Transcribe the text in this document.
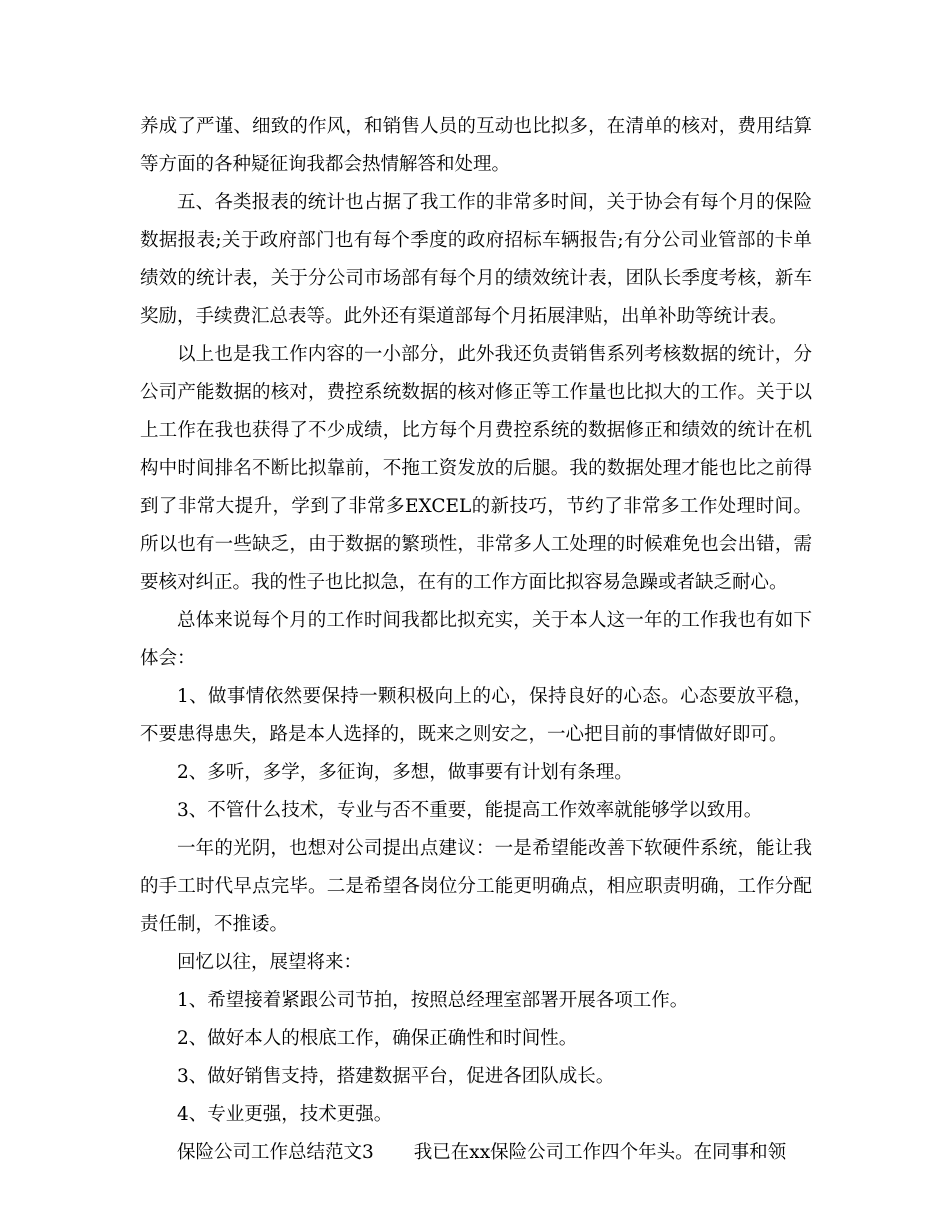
养成了严谨、细致的作风，和销售人员的互动也比拟多，在清单的核对，费用结算等方面的各种疑征询我都会热情解答和处理。

五、各类报表的统计也占据了我工作的非常多时间，关于协会有每个月的保险数据报表;关于政府部门也有每个季度的政府招标车辆报告;有分公司业管部的卡单绩效的统计表，关于分公司市场部有每个月的绩效统计表，团队长季度考核，新车奖励，手续费汇总表等。此外还有渠道部每个月拓展津贴，出单补助等统计表。

以上也是我工作内容的一小部分，此外我还负责销售系列考核数据的统计，分公司产能数据的核对，费控系统数据的核对修正等工作量也比拟大的工作。关于以上工作在我也获得了不少成绩，比方每个月费控系统的数据修正和绩效的统计在机构中时间排名不断比拟靠前，不拖工资发放的后腿。我的数据处理才能也比之前得到了非常大提升，学到了非常多EXCEL的新技巧，节约了非常多工作处理时间。所以也有一些缺乏，由于数据的繁琐性，非常多人工处理的时候难免也会出错，需要核对纠正。我的性子也比拟急，在有的工作方面比拟容易急躁或者缺乏耐心。

总体来说每个月的工作时间我都比拟充实，关于本人这一年的工作我也有如下体会：

1、做事情依然要保持一颗积极向上的心，保持良好的心态。心态要放平稳，不要患得患失，路是本人选择的，既来之则安之，一心把目前的事情做好即可。

2、多听，多学，多征询，多想，做事要有计划有条理。

3、不管什么技术，专业与否不重要，能提高工作效率就能够学以致用。

一年的光阴，也想对公司提出点建议：一是希望能改善下软硬件系统，能让我的手工时代早点完毕。二是希望各岗位分工能更明确点，相应职责明确，工作分配责任制，不推诿。

回忆以往，展望将来：

1、希望接着紧跟公司节拍，按照总经理室部署开展各项工作。

2、做好本人的根底工作，确保正确性和时间性。

3、做好销售支持，搭建数据平台，促进各团队成长。

4、专业更强，技术更强。

保险公司工作总结范文3 我已在xx保险公司工作四个年头。在同事和领
